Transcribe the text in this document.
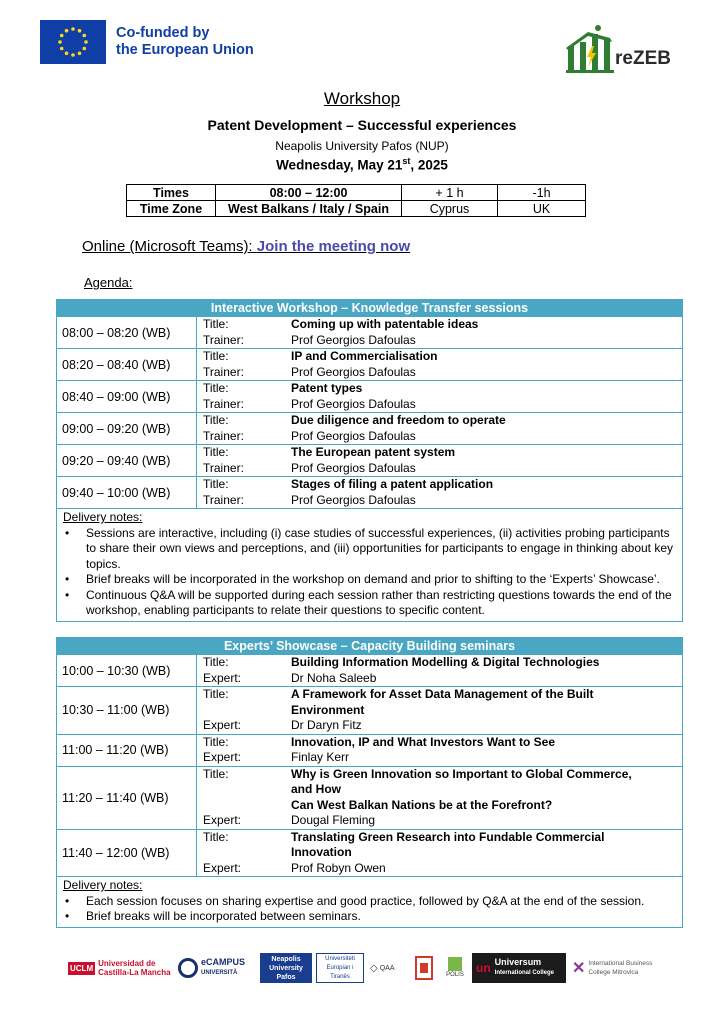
Co-funded by
the European Union	reZEB
Workshop
Patent Development – Successful experiences
Neapolis University Pafos (NUP)
Wednesday, May 21st, 2025
Times	08:00 – 12:00	+ 1 h	-1h
Time Zone	West Balkans / Italy / Spain	Cyprus	UK
Online (Microsoft Teams): Join the meeting now
Agenda:
Interactive Workshop – Knowledge Transfer sessions
08:00 – 08:20 (WB)
Title:	Coming up with patentable ideas
Trainer:	Prof Georgios Dafoulas
08:20 – 08:40 (WB)
Title:	IP and Commercialisation
Trainer:	Prof Georgios Dafoulas
08:40 – 09:00 (WB)
Title:	Patent types
Trainer:	Prof Georgios Dafoulas
09:00 – 09:20 (WB)
Title:	Due diligence and freedom to operate
Trainer:	Prof Georgios Dafoulas
09:20 – 09:40 (WB)
Title:	The European patent system
Trainer:	Prof Georgios Dafoulas
09:40 – 10:00 (WB)
Title:	Stages of filing a patent application
Trainer:	Prof Georgios Dafoulas
Delivery notes:
• Sessions are interactive, including (i) case studies of successful experiences, (ii) activities probing participants to share their own views and perceptions, and (iii) opportunities for participants to engage in thinking about key topics.
• Brief breaks will be incorporated in the workshop on demand and prior to shifting to the ‘Experts’ Showcase’.
• Continuous Q&A will be supported during each session rather than restricting questions towards the end of the workshop, enabling participants to relate their questions to specific content.
Experts’ Showcase – Capacity Building seminars
10:00 – 10:30 (WB)
Title:	Building Information Modelling & Digital Technologies
Expert:	Dr Noha Saleeb
10:30 – 11:00 (WB)
Title:	A Framework for Asset Data Management of the Built
Environment
Expert:	Dr Daryn Fitz
11:00 – 11:20 (WB)
Title:	Innovation, IP and What Investors Want to See
Expert:	Finlay Kerr
11:20 – 11:40 (WB)
Title:	Why is Green Innovation so Important to Global Commerce,
and How
Can West Balkan Nations be at the Forefront?
Expert:	Dougal Fleming
11:40 – 12:00 (WB)
Title:	Translating Green Research into Fundable Commercial
Innovation
Expert:	Prof Robyn Owen
Delivery notes:
• Each session focuses on sharing expertise and good practice, followed by Q&A at the end of the session.
• Brief breaks will be incorporated between seminars.
UCLM Universidad de
Castilla-La Mancha
eCAMPUS
UNIVERSITÀ
Neapolis University Pafos
Universiteti Europian i Tiranës
◇ QAA
POLIS un Universum
International College ✕ International Business College Mitrovica
